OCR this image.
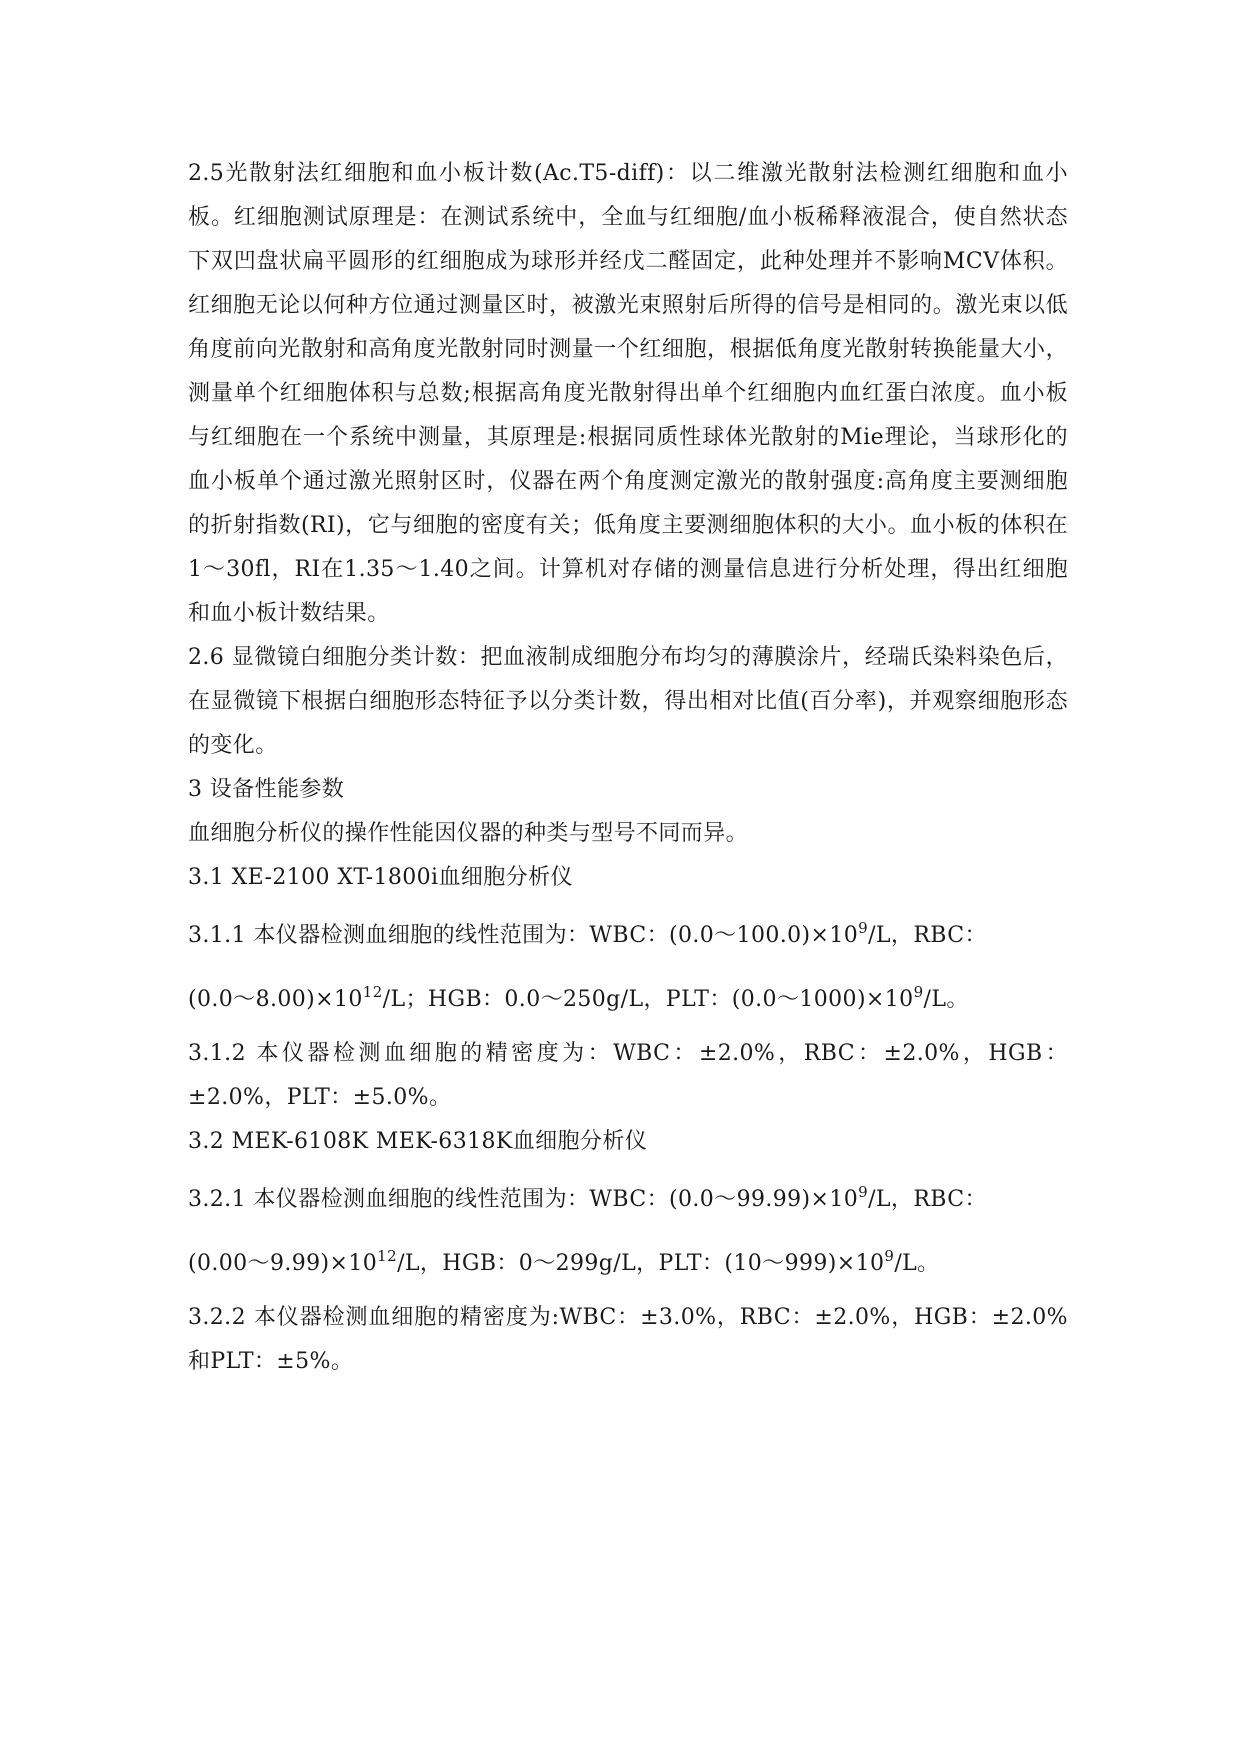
2.5光散射法红细胞和血小板计数(Ac.T5-diff)：以二维激光散射法检测红细胞和血小板。红细胞测试原理是：在测试系统中，全血与红细胞/血小板稀释液混合，使自然状态下双凹盘状扁平圆形的红细胞成为球形并经戊二醛固定，此种处理并不影响MCV体积。红细胞无论以何种方位通过测量区时，被激光束照射后所得的信号是相同的。激光束以低角度前向光散射和高角度光散射同时测量一个红细胞，根据低角度光散射转换能量大小，测量单个红细胞体积与总数;根据高角度光散射得出单个红细胞内血红蛋白浓度。血小板与红细胞在一个系统中测量，其原理是:根据同质性球体光散射的Mie理论，当球形化的血小板单个通过激光照射区时，仪器在两个角度测定激光的散射强度:高角度主要测细胞的折射指数(RI)，它与细胞的密度有关；低角度主要测细胞体积的大小。血小板的体积在1～30fl，RI在1.35～1.40之间。计算机对存储的测量信息进行分析处理，得出红细胞和血小板计数结果。

2.6 显微镜白细胞分类计数：把血液制成细胞分布均匀的薄膜涂片，经瑞氏染料染色后，在显微镜下根据白细胞形态特征予以分类计数，得出相对比值(百分率)，并观察细胞形态的变化。

3 设备性能参数

血细胞分析仪的操作性能因仪器的种类与型号不同而异。

3.1 XE-2100 XT-1800i血细胞分析仪

3.1.1 本仪器检测血细胞的线性范围为：WBC：$(0.0\sim 100.0)\times 10^9/L$，RBC：

$(0.0\sim 8.00)\times 10^{12}/L$；HGB：0.0～250g/L，PLT：$(0.0\sim 1000)\times 10^9/L$。

3.1.2 本仪器检测血细胞的精密度为：WBC：±2.0%，RBC：±2.0%，HGB：±2.0%，PLT：±5.0%。

3.2 MEK-6108K MEK-6318K血细胞分析仪

3.2.1 本仪器检测血细胞的线性范围为：WBC：$(0.0\sim 99.99)\times 10^9/L$，RBC：

$(0.00\sim 9.99)\times 10^{12}/L$，HGB：0～299g/L，PLT：$(10\sim 999)\times 10^9/L$。

3.2.2 本仪器检测血细胞的精密度为:WBC：±3.0%，RBC：±2.0%，HGB：±2.0%和PLT：±5%。
